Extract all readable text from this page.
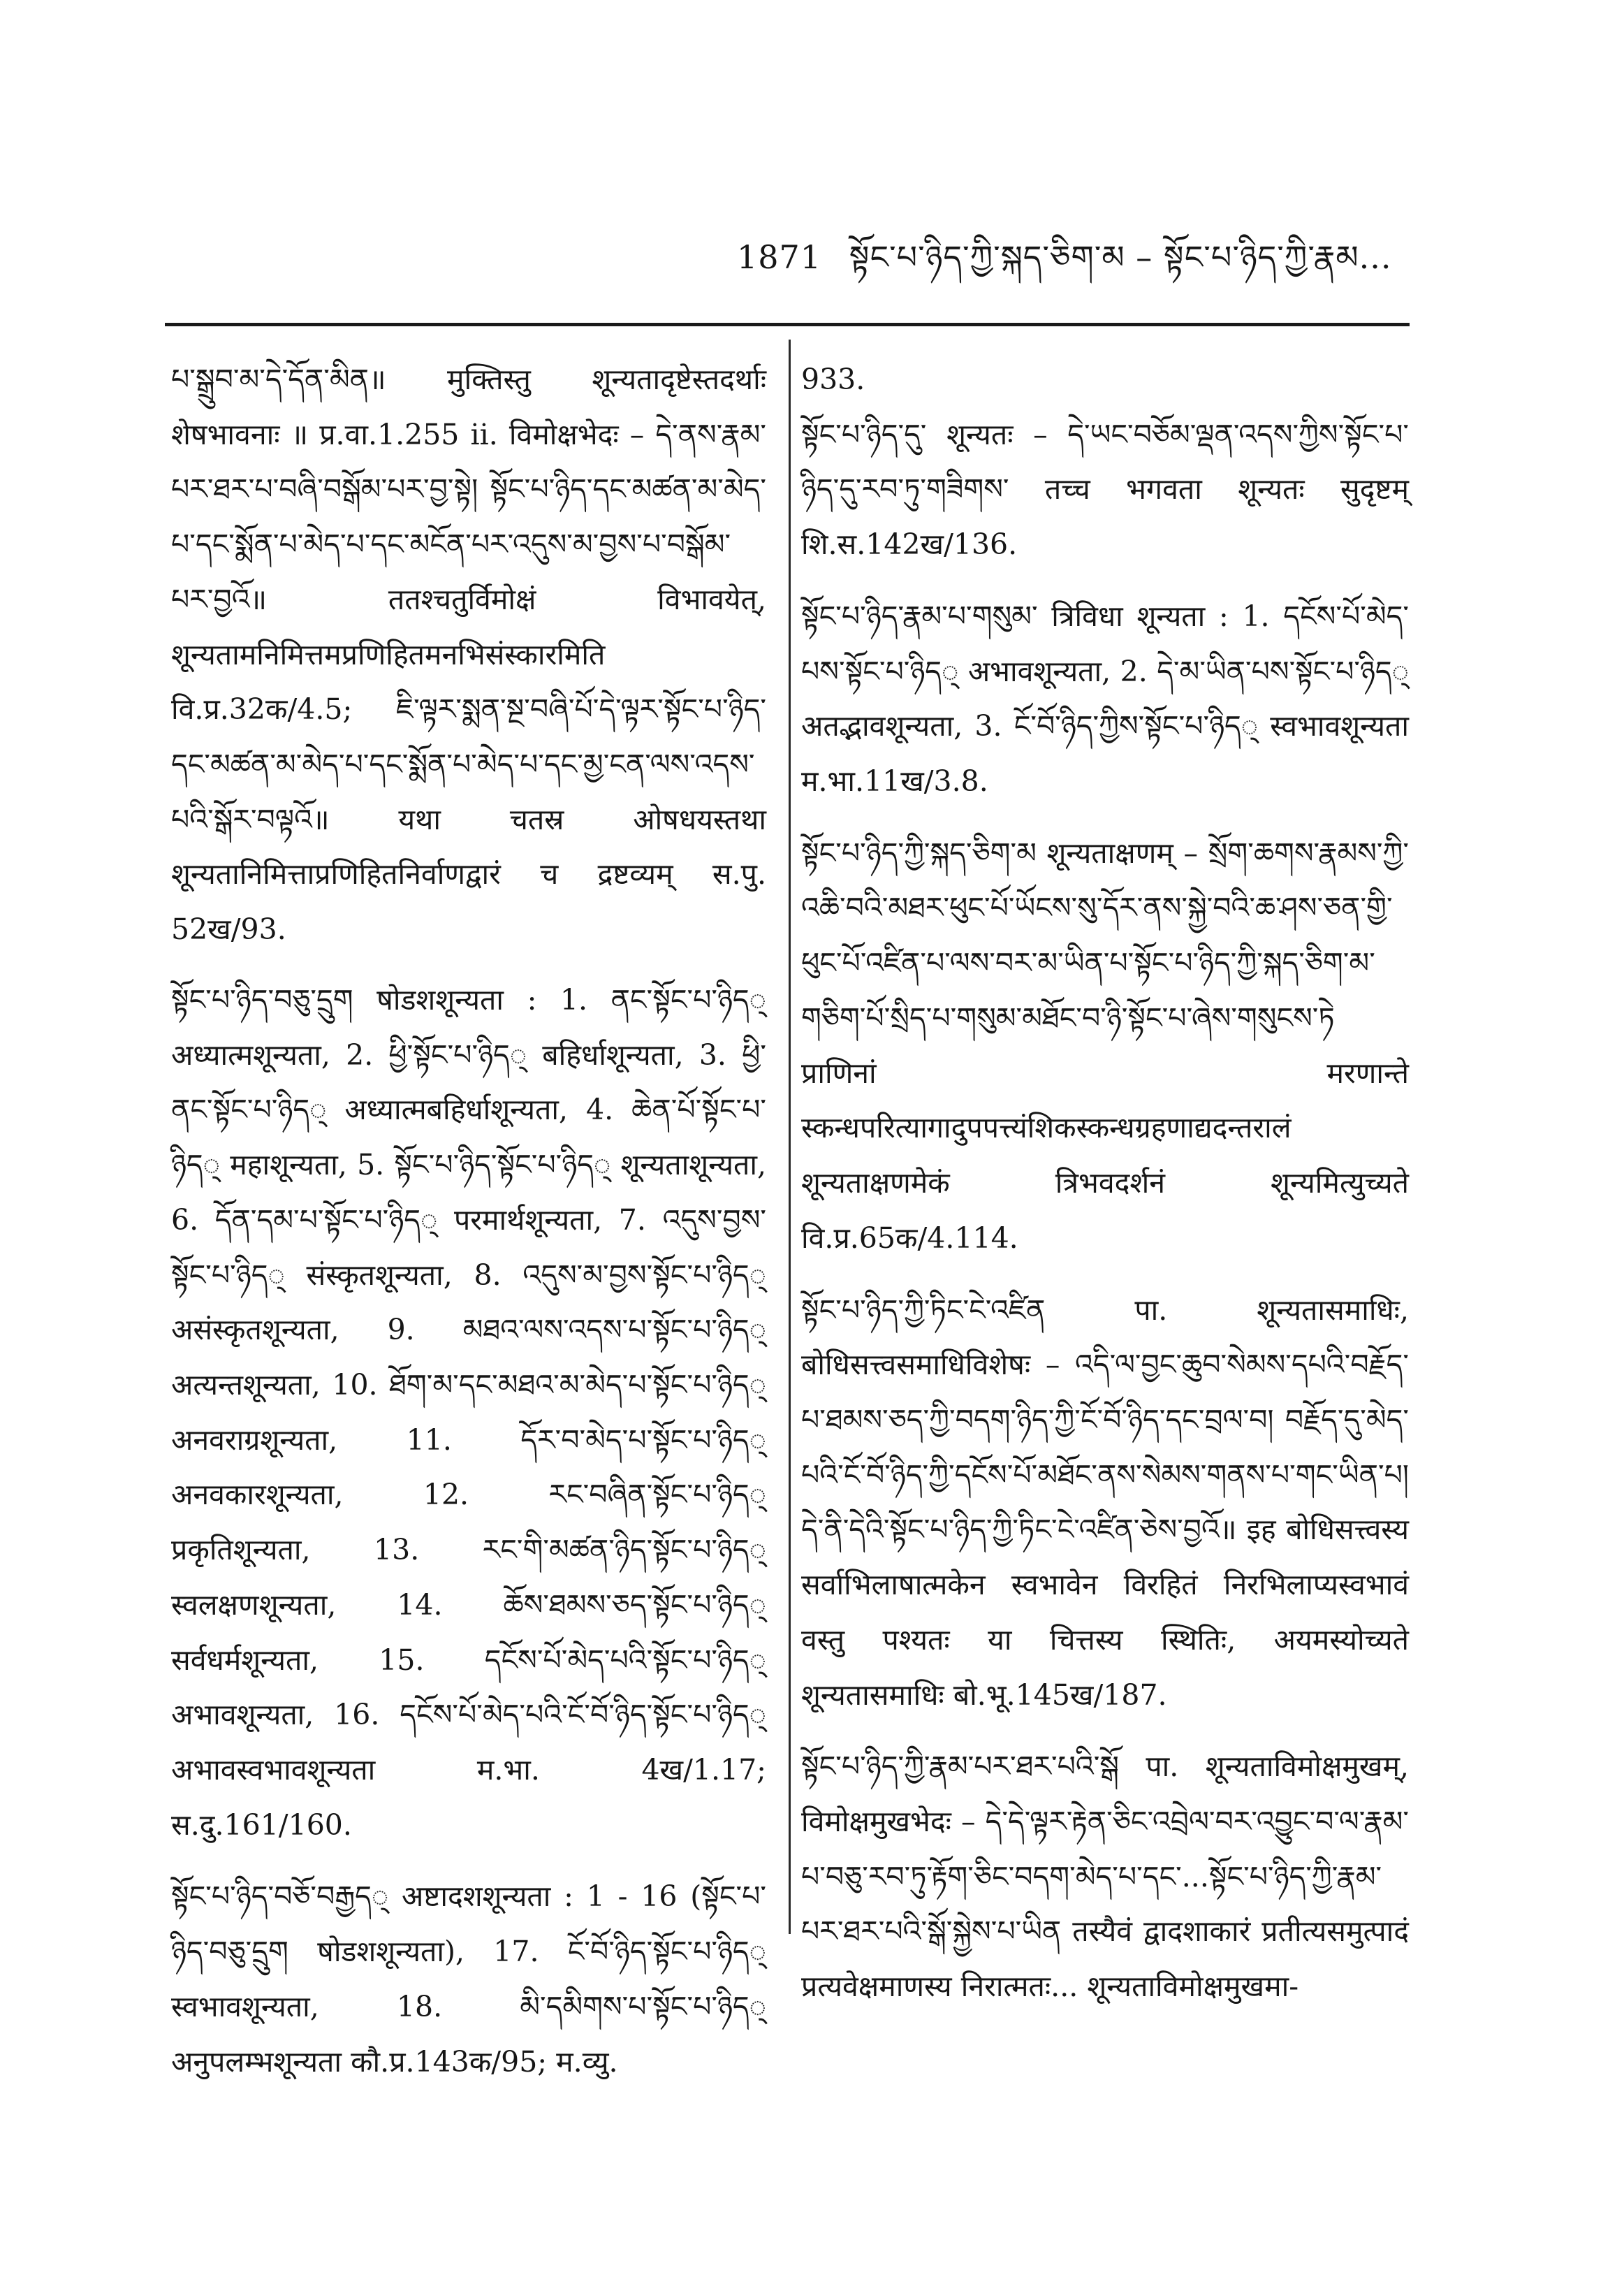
1871 སྟོང་པ་ཉིད་ཀྱི་སྐད་ཅིག་མ – སྟོང་པ་ཉིད་ཀྱི་རྣམ...

པ་སྒྲུབ་མ་དེ་དོན་མིན॥ मुक्तिस्तु शून्यतादृष्टेस्तदर्थाः शेषभावनाः ॥ प्र.वा.1.255 ii. विमोक्षभेदः – དེ་ནས་རྣམ་པར་ཐར་པ་བཞི་བསྒོམ་པར་བྱ་སྟེ། སྟོང་པ་ཉིད་དང་མཚན་མ་མེད་པ་དང་སྨོན་པ་མེད་པ་དང་མངོན་པར་འདུས་མ་བྱས་པ་བསྒོམ་པར་བྱའོ॥ ततश्चतुर्विमोक्षं विभावयेत्, शून्यतामनिमित्तमप्रणिहितमनभिसंस्कारमिति वि.प्र.32क/4.5; ཇི་ལྟར་སྨན་སྔ་བཞི་པོ་དེ་ལྟར་སྟོང་པ་ཉིད་དང་མཚན་མ་མེད་པ་དང་སྨོན་པ་མེད་པ་དང་མྱ་ངན་ལས་འདས་པའི་སྒོར་བལྟའོ॥ यथा चतस्र ओषधयस्तथा शून्यतानिमित्ताप्रणिहितनिर्वाणद्वारं च द्रष्टव्यम् स.पु. 52ख/93.

སྟོང་པ་ཉིད་བཅུ་དྲུག षोडशशून्यता : 1. ནང་སྟོང་པ་ཉིད् अध्यात्मशून्यता, 2. ཕྱི་སྟོང་པ་ཉིད् बहिर्धाशून्यता, 3. ཕྱི་ནང་སྟོང་པ་ཉིད् अध्यात्मबहिर्धाशून्यता, 4. ཆེན་པོ་སྟོང་པ་ཉིད् महाशून्यता, 5. སྟོང་པ་ཉིད་སྟོང་པ་ཉིད् शून्यताशून्यता, 6. དོན་དམ་པ་སྟོང་པ་ཉིད् परमार्थशून्यता, 7. འདུས་བྱས་སྟོང་པ་ཉིད् संस्कृतशून्यता, 8. འདུས་མ་བྱས་སྟོང་པ་ཉིད् असंस्कृतशून्यता, 9. མཐའ་ལས་འདས་པ་སྟོང་པ་ཉིད् अत्यन्तशून्यता, 10. ཐོག་མ་དང་མཐའ་མ་མེད་པ་སྟོང་པ་ཉིད् अनवराग्रशून्यता, 11. དོར་བ་མེད་པ་སྟོང་པ་ཉིད् अनवकारशून्यता, 12. རང་བཞིན་སྟོང་པ་ཉིད् प्रकृतिशून्यता, 13. རང་གི་མཚན་ཉིད་སྟོང་པ་ཉིད् स्वलक्षणशून्यता, 14. ཆོས་ཐམས་ཅད་སྟོང་པ་ཉིད् सर्वधर्मशून्यता, 15. དངོས་པོ་མེད་པའི་སྟོང་པ་ཉིད् अभावशून्यता, 16. དངོས་པོ་མེད་པའི་ངོ་བོ་ཉིད་སྟོང་པ་ཉིད् अभावस्वभावशून्यता म.भा. 4ख/1.17; स.दु.161/160.

སྟོང་པ་ཉིད་བཅོ་བརྒྱད् अष्टादशशून्यता : 1 - 16 (སྟོང་པ་ཉིད་བཅུ་དྲུག षोडशशून्यता), 17. ངོ་བོ་ཉིད་སྟོང་པ་ཉིད् स्वभावशून्यता, 18. མི་དམིགས་པ་སྟོང་པ་ཉིད् अनुपलम्भशून्यता कौ.प्र.143क/95; म.व्यु.

933.

སྟོང་པ་ཉིད་དུ་ शून्यतः – དེ་ཡང་བཅོམ་ལྡན་འདས་ཀྱིས་སྟོང་པ་ཉིད་དུ་རབ་ཏུ་གཟིགས་ तच्च भगवता शून्यतः सुदृष्टम् शि.स.142ख/136.

སྟོང་པ་ཉིད་རྣམ་པ་གསུམ་ त्रिविधा शून्यता : 1. དངོས་པོ་མེད་པས་སྟོང་པ་ཉིད् अभावशून्यता, 2. དེ་མ་ཡིན་པས་སྟོང་པ་ཉིད् अतद्भावशून्यता, 3. ངོ་བོ་ཉིད་ཀྱིས་སྟོང་པ་ཉིད् स्वभावशून्यता म.भा.11ख/3.8.

སྟོང་པ་ཉིད་ཀྱི་སྐད་ཅིག་མ शून्यताक्षणम् – སྲོག་ཆགས་རྣམས་ཀྱི་འཆི་བའི་མཐར་ཕུང་པོ་ཡོངས་སུ་དོར་ནས་སྐྱེ་བའི་ཆ་ཤས་ཅན་གྱི་ཕུང་པོ་འཛིན་པ་ལས་བར་མ་ཡིན་པ་སྟོང་པ་ཉིད་ཀྱི་སྐད་ཅིག་མ་གཅིག་པོ་སྲིད་པ་གསུམ་མཐོང་བ་ཉི་སྟོང་པ་ཞེས་གསུངས་ཏེ प्राणिनां मरणान्ते स्कन्धपरित्यागादुपपत्त्यंशिकस्कन्धग्रहणाद्यदन्तरालं शून्यताक्षणमेकं त्रिभवदर्शनं शून्यमित्युच्यते वि.प्र.65क/4.114.

སྟོང་པ་ཉིད་ཀྱི་ཏིང་ངེ་འཛིན पा. शून्यतासमाधिः, बोधिसत्त्वसमाधिविशेषः – འདི་ལ་བྱང་ཆུབ་སེམས་དཔའི་བརྗོད་པ་ཐམས་ཅད་ཀྱི་བདག་ཉིད་ཀྱི་ངོ་བོ་ཉིད་དང་བྲལ་བ། བརྗོད་དུ་མེད་པའི་ངོ་བོ་ཉིད་ཀྱི་དངོས་པོ་མཐོང་ནས་སེམས་གནས་པ་གང་ཡིན་པ། དེ་ནི་དེའི་སྟོང་པ་ཉིད་ཀྱི་ཏིང་ངེ་འཛིན་ཅེས་བྱའོ॥ इह बोधिसत्त्वस्य सर्वाभिलाषात्मकेन स्वभावेन विरहितं निरभिलाप्यस्वभावं वस्तु पश्यतः या चित्तस्य स्थितिः, अयमस्योच्यते शून्यतासमाधिः बो.भू.145ख/187.

སྟོང་པ་ཉིད་ཀྱི་རྣམ་པར་ཐར་པའི་སྒོ पा. शून्यताविमोक्षमुखम्, विमोक्षमुखभेदः – དེ་དེ་ལྟར་རྟེན་ཅིང་འབྲེལ་བར་འབྱུང་བ་ལ་རྣམ་པ་བཅུ་རབ་ཏུ་རྟོག་ཅིང་བདག་མེད་པ་དང་...སྟོང་པ་ཉིད་ཀྱི་རྣམ་པར་ཐར་པའི་སྒོ་སྐྱེས་པ་ཡིན तस्यैवं द्वादशाकारं प्रतीत्यसमुत्पादं प्रत्यवेक्षमाणस्य निरात्मतः... शून्यताविमोक्षमुखमा-
